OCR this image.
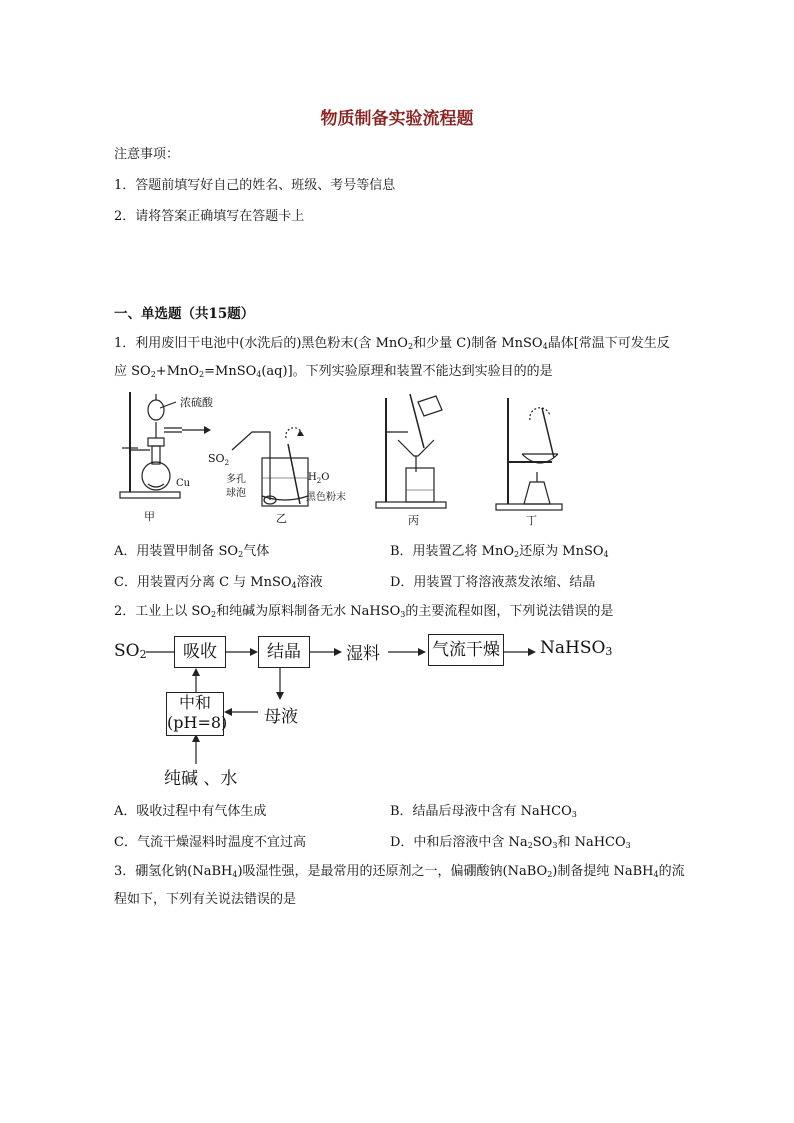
物质制备实验流程题
注意事项：
1．答题前填写好自己的姓名、班级、考号等信息
2．请将答案正确填写在答题卡上
一、单选题（共15题）
1．利用废旧干电池中(水洗后的)黑色粉末(含 MnO$_2$和少量 C)制备 MnSO$_4$晶体[常温下可发生反
应 $SO_2+MnO_2=MnSO_4(aq)$]。下列实验原理和装置不能达到实验目的的是
浓硫酸
Cu
甲
$SO_2$
$H_2O$
多孔
球泡	黑色粉末
乙	丙	丁
A．用装置甲制备 $SO_2$气体	B．用装置乙将 MnO$_2$还原为 MnSO$_4$
C．用装置丙分离 C 与 MnSO$_4$溶液	D．用装置丁将溶液蒸发浓缩、结晶
2．工业上以 $SO_2$和纯碱为原料制备无水 NaHSO$_3$的主要流程如图，下列说法错误的是
$SO_2$	吸收	结晶	湿料	气流干燥 NaHSO$_3$
中和
(pH=8) 母液
纯碱 、水
A．吸收过程中有气体生成	B．结晶后母液中含有 NaHCO$_3$
C．气流干燥湿料时温度不宜过高	D．中和后溶液中含 $Na_2SO_3$和 NaHCO$_3$
3．硼氢化钠(NaBH$_4$)吸湿性强，是最常用的还原剂之一，偏硼酸钠(NaBO$_2$)制备提纯 NaBH$_4$的流
程如下，下列有关说法错误的是
